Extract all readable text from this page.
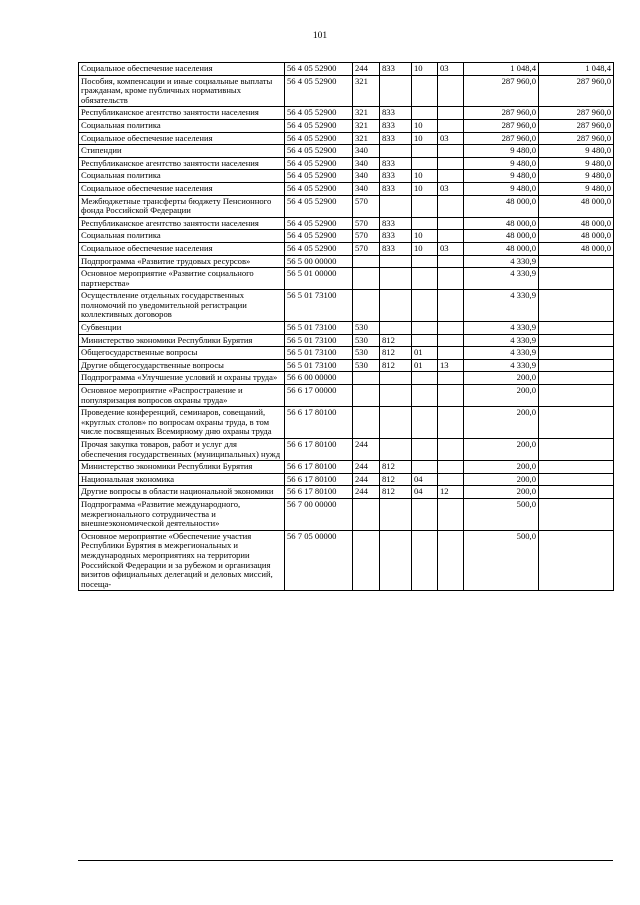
101
Социальное обеспечение населения	56 4 05 52900	244	833	10	03	1 048,4	1 048,4
Пособия, компенсации и иные социальные выплаты гражданам, кроме публичных нормативных обязательств	56 4 05 52900	321				287 960,0	287 960,0
Республиканское агентство занятости населения	56 4 05 52900	321	833			287 960,0	287 960,0
Социальная политика	56 4 05 52900	321	833	10		287 960,0	287 960,0
Социальное обеспечение населения	56 4 05 52900	321	833	10	03	287 960,0	287 960,0
Стипендии	56 4 05 52900	340				9 480,0	9 480,0
Республиканское агентство занятости населения	56 4 05 52900	340	833			9 480,0	9 480,0
Социальная политика	56 4 05 52900	340	833	10		9 480,0	9 480,0
Социальное обеспечение населения	56 4 05 52900	340	833	10	03	9 480,0	9 480,0
Межбюджетные трансферты бюджету Пенсионного фонда Российской Федерации	56 4 05 52900	570				48 000,0	48 000,0
Республиканское агентство занятости населения	56 4 05 52900	570	833			48 000,0	48 000,0
Социальная политика	56 4 05 52900	570	833	10		48 000,0	48 000,0
Социальное обеспечение населения	56 4 05 52900	570	833	10	03	48 000,0	48 000,0
Подпрограмма «Развитие трудовых ресурсов»	56 5 00 00000					4 330,9	
Основное мероприятие «Развитие социального партнерства»	56 5 01 00000					4 330,9	
Осуществление отдельных государственных полномочий по уведомительной регистрации коллективных договоров	56 5 01 73100					4 330,9	
Субвенции	56 5 01 73100	530				4 330,9	
Министерство экономики Республики Бурятия	56 5 01 73100	530	812			4 330,9	
Общегосударственные вопросы	56 5 01 73100	530	812	01		4 330,9	
Другие общегосударственные вопросы	56 5 01 73100	530	812	01	13	4 330,9	
Подпрограмма «Улучшение условий и охраны труда»	56 6 00 00000					200,0	
Основное мероприятие «Распространение и популяризация вопросов охраны труда»	56 6 17 00000					200,0	
Проведение конференций, семинаров, совещаний, «круглых столов» по вопросам охраны труда, в том числе посвященных Всемирному дню охраны труда	56 6 17 80100					200,0	
Прочая закупка товаров, работ и услуг для обеспечения государственных (муниципальных) нужд	56 6 17 80100	244				200,0	
Министерство экономики Республики Бурятия	56 6 17 80100	244	812			200,0	
Национальная экономика	56 6 17 80100	244	812	04		200,0	
Другие вопросы в области национальной экономики	56 6 17 80100	244	812	04	12	200,0	
Подпрограмма «Развитие международного, межрегионального сотрудничества и внешнеэкономической деятельности»	56 7 00 00000					500,0	
Основное мероприятие «Обеспечение участия Республики Бурятия в межрегиональных и международных мероприятиях на территории Российской Федерации и за рубежом и организация визитов официальных делегаций и деловых миссий, посеща-	56 7 05 00000					500,0	
